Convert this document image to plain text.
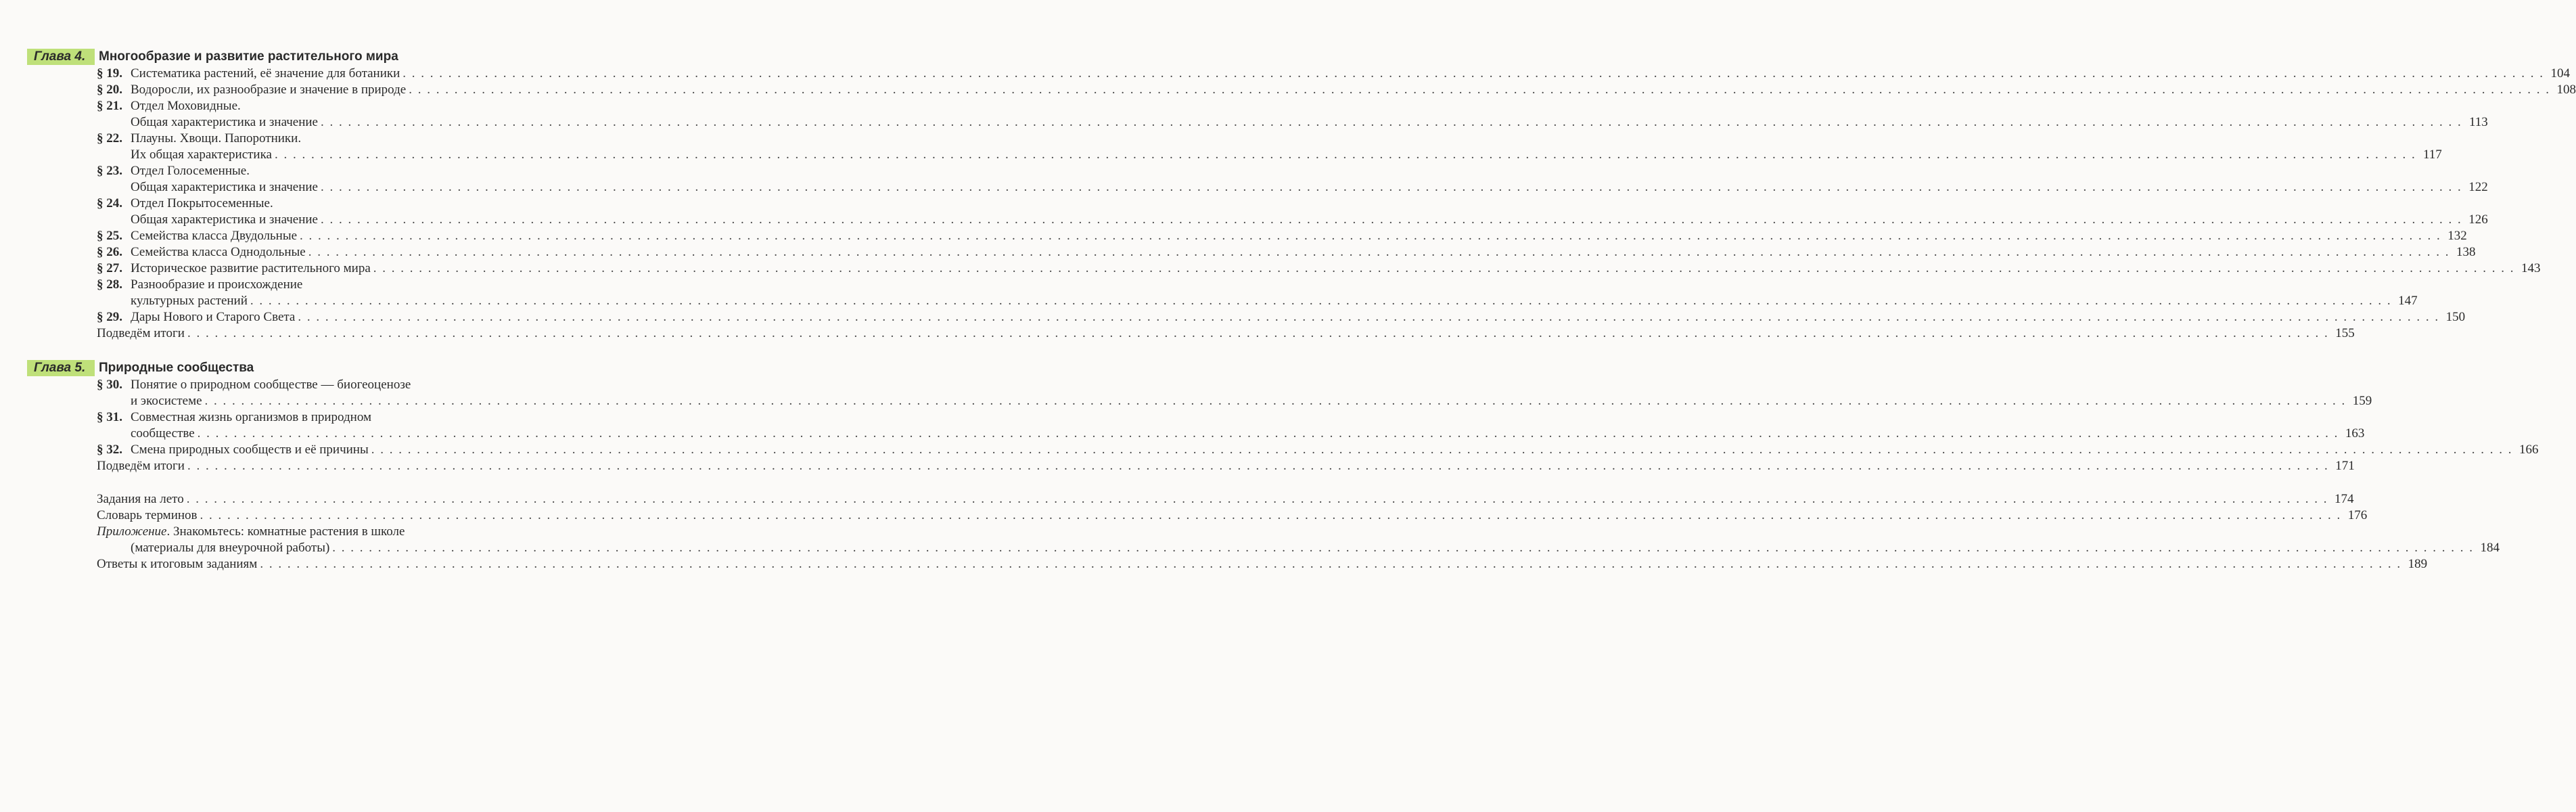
Глава 4.	Многообразие и развитие растительного мира
§ 19. Систематика растений, её значение для ботаники . . .	104
§ 20. Водоросли, их разнообразие и значение в природе . . .	108
§ 21. Отдел Моховидные.
Общая характеристика и значение . . .	113
§ 22. Плауны. Хвощи. Папоротники.
Их общая характеристика . . .	117
§ 23. Отдел Голосеменные.
Общая характеристика и значение . . .	122
§ 24. Отдел Покрытосеменные.
Общая характеристика и значение . . .	126
§ 25. Семейства класса Двудольные . . .	132
§ 26. Семейства класса Однодольные . . .	138
§ 27. Историческое развитие растительного мира . . .	143
§ 28. Разнообразие и происхождение
культурных растений . . .	147
§ 29. Дары Нового и Старого Света . . .	150
Подведём итоги . . .	155
Глава 5.	Природные сообщества
§ 30. Понятие о природном сообществе — биогеоценозе
и экосистеме . . .	159
§ 31. Совместная жизнь организмов в природном
сообществе . . .	163
§ 32. Смена природных сообществ и её причины . . .	166
Подведём итоги . . .	171
Задания на лето . . .	174
Словарь терминов . . .	176
Приложение. Знакомьтесь: комнатные растения в школе
(материалы для внеурочной работы) . . .	184
Ответы к итоговым заданиям . . .	189
